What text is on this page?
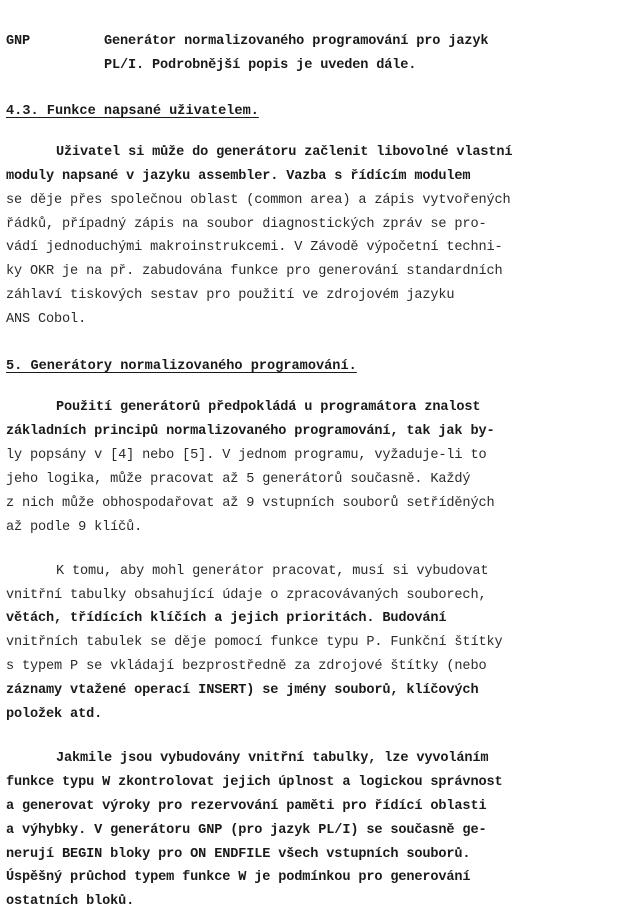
GNP	Generátor normalizovaného programování pro jazyk
PL/I. Podrobnější popis je uveden dále.
4.3. Funkce napsané uživatelem.
Uživatel si může do generátoru začlenit libovolné vlastní
moduly napsané v jazyku assembler. Vazba s řídícím modulem
se děje přes společnou oblast (common area) a zápis vytvořených
řádků, případný zápis na soubor diagnostických zpráv se pro-
vádí jednoduchými makroinstrukcemi. V Závodě výpočetní techni-
ky OKR je na př. zabudována funkce pro generování standardních
záhlaví tiskových sestav pro použití ve zdrojovém jazyku
ANS Cobol.
5. Generátory normalizovaného programování.
Použití generátorů předpokládá u programátora znalost
základních principů normalizovaného programování, tak jak by-
ly popsány v [4] nebo [5]. V jednom programu, vyžaduje-li to
jeho logika, může pracovat až 5 generátorů současně. Každý
z nich může obhospodařovat až 9 vstupních souborů setříděných
až podle 9 klíčů.
K tomu, aby mohl generátor pracovat, musí si vybudovat
vnitřní tabulky obsahující údaje o zpracovávaných souborech,
větách, třídících klíčích a jejich prioritách. Budování
vnitřních tabulek se děje pomocí funkce typu P. Funkční štítky
s typem P se vkládají bezprostředně za zdrojové štítky (nebo
záznamy vtažené operací INSERT) se jmény souborů, klíčových
položek atd.
Jakmile jsou vybudovány vnitřní tabulky, lze vyvoláním
funkce typu W zkontrolovat jejich úplnost a logickou správnost
a generovat výroky pro rezervování paměti pro řídící oblasti
a výhybky. V generátoru GNP (pro jazyk PL/I) se současně ge-
nerují BEGIN bloky pro ON ENDFILE všech vstupních souborů.
Úspěšný průchod typem funkce W je podmínkou pro generování
ostatních bloků.
